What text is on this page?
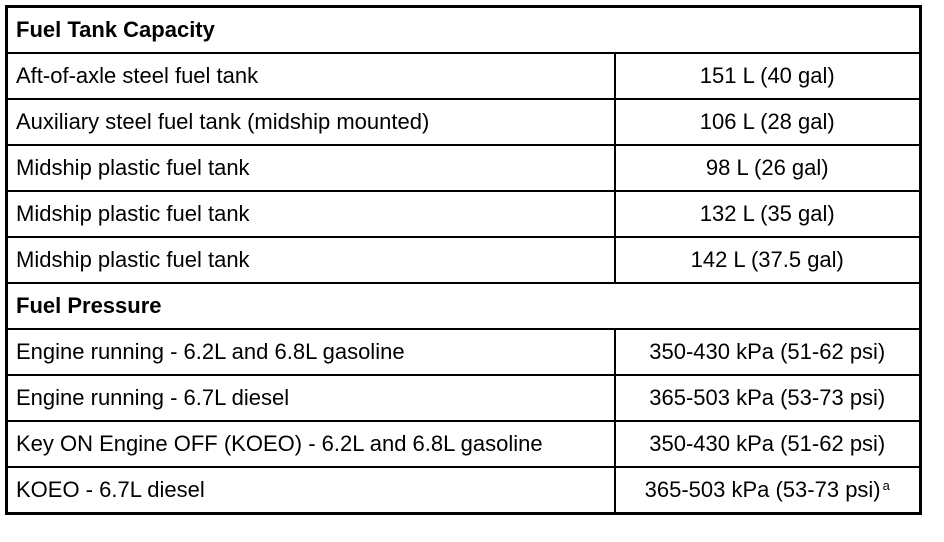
Fuel Tank Capacity	
Aft-of-axle steel fuel tank	151 L (40 gal)
Auxiliary steel fuel tank (midship mounted)	106 L (28 gal)
Midship plastic fuel tank	98 L (26 gal)
Midship plastic fuel tank	132 L (35 gal)
Midship plastic fuel tank	142 L (37.5 gal)
Fuel Pressure	
Engine running - 6.2L and 6.8L gasoline	350-430 kPa (51-62 psi)
Engine running - 6.7L diesel	365-503 kPa (53-73 psi)
Key ON Engine OFF (KOEO) - 6.2L and 6.8L gasoline	350-430 kPa (51-62 psi)
KOEO - 6.7L diesel	365-503 kPa (53-73 psi) $^a$
